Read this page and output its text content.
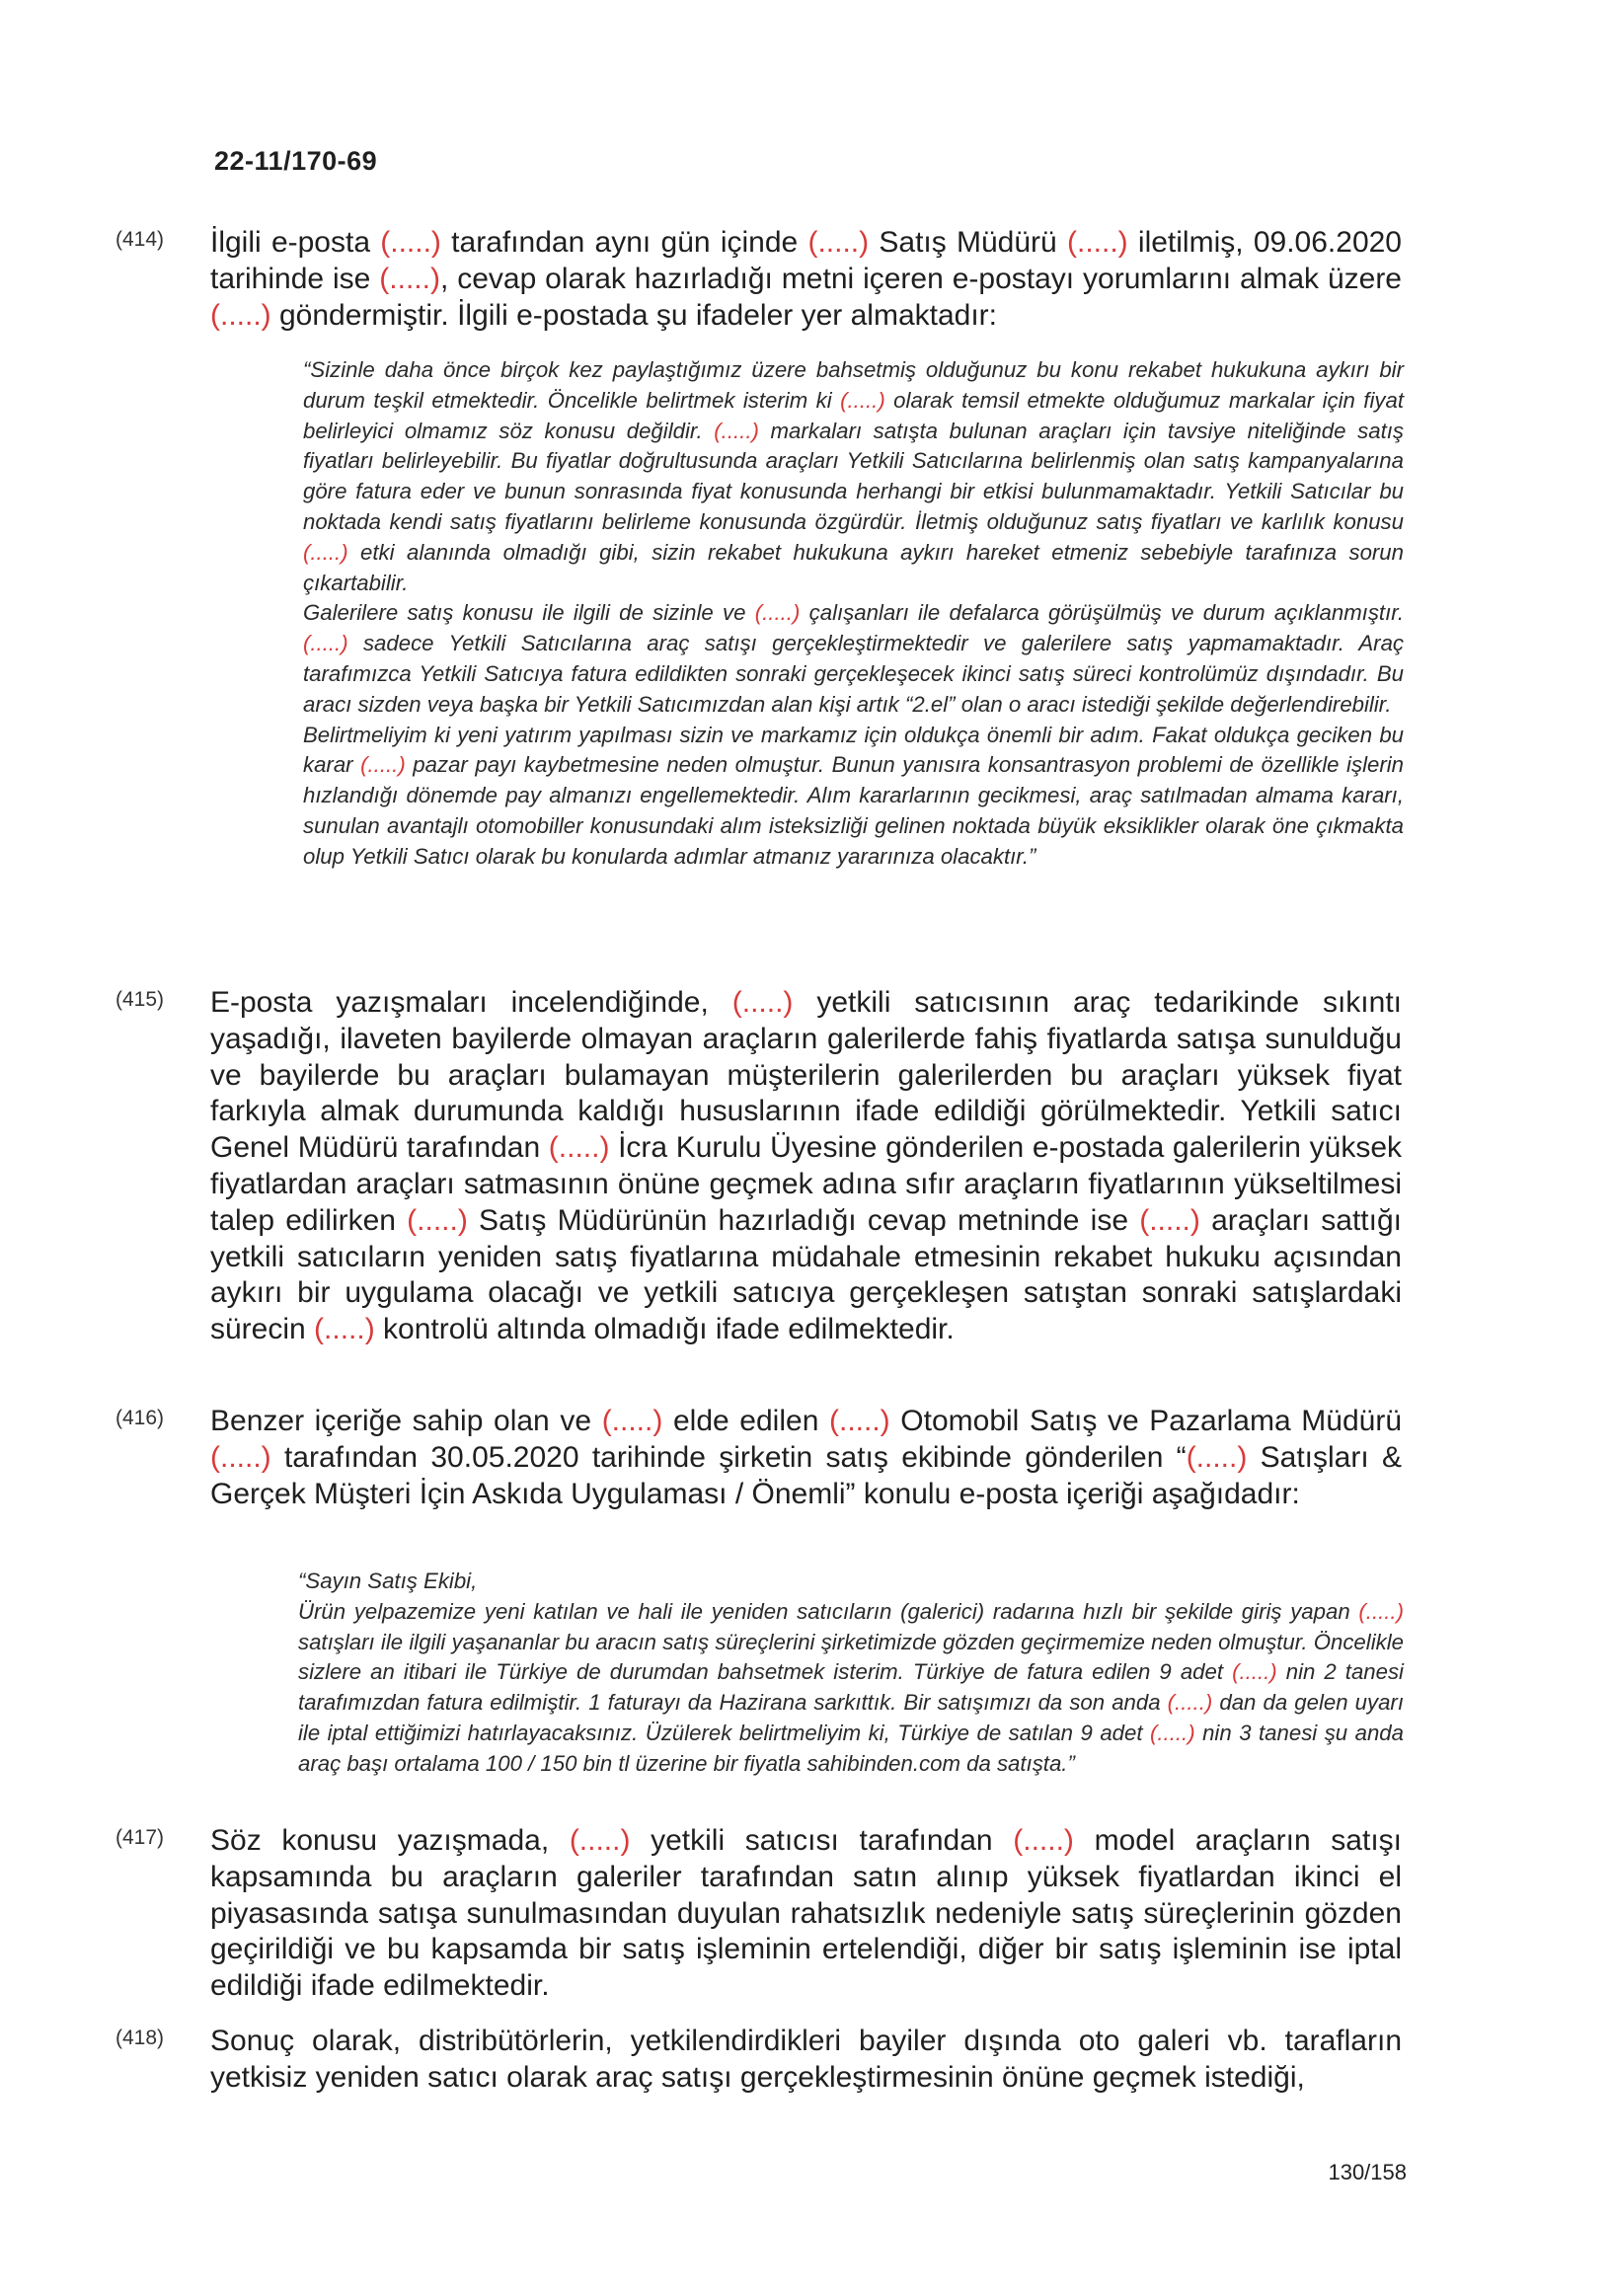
22-11/170-69
(414)	İlgili e-posta (.....) tarafından aynı gün içinde (.....) Satış Müdürü (.....) iletilmiş, 09.06.2020 tarihinde ise (.....), cevap olarak hazırladığı metni içeren e-postayı yorumlarını almak üzere (.....) göndermiştir. İlgili e-postada şu ifadeler yer almaktadır:

“Sizinle daha önce birçok kez paylaştığımız üzere bahsetmiş olduğunuz bu konu rekabet hukukuna aykırı bir durum teşkil etmektedir. Öncelikle belirtmek isterim ki (.....) olarak temsil etmekte olduğumuz markalar için fiyat belirleyici olmamız söz konusu değildir. (.....) markaları satışta bulunan araçları için tavsiye niteliğinde satış fiyatları belirleyebilir. Bu fiyatlar doğrultusunda araçları Yetkili Satıcılarına belirlenmiş olan satış kampanyalarına göre fatura eder ve bunun sonrasında fiyat konusunda herhangi bir etkisi bulunmamaktadır. Yetkili Satıcılar bu noktada kendi satış fiyatlarını belirleme konusunda özgürdür. İletmiş olduğunuz satış fiyatları ve karlılık konusu (.....) etki alanında olmadığı gibi, sizin rekabet hukukuna aykırı hareket etmeniz sebebiyle tarafınıza sorun çıkartabilir.

Galerilere satış konusu ile ilgili de sizinle ve (.....) çalışanları ile defalarca görüşülmüş ve durum açıklanmıştır. (.....) sadece Yetkili Satıcılarına araç satışı gerçekleştirmektedir ve galerilere satış yapmamaktadır. Araç tarafımızca Yetkili Satıcıya fatura edildikten sonraki gerçekleşecek ikinci satış süreci kontrolümüz dışındadır. Bu aracı sizden veya başka bir Yetkili Satıcımızdan alan kişi artık “2.el” olan o aracı istediği şekilde değerlendirebilir.

Belirtmeliyim ki yeni yatırım yapılması sizin ve markamız için oldukça önemli bir adım. Fakat oldukça geciken bu karar (.....) pazar payı kaybetmesine neden olmuştur. Bunun yanısıra konsantrasyon problemi de özellikle işlerin hızlandığı dönemde pay almanızı engellemektedir. Alım kararlarının gecikmesi, araç satılmadan almama kararı, sunulan avantajlı otomobiller konusundaki alım isteksizliği gelinen noktada büyük eksiklikler olarak öne çıkmakta olup Yetkili Satıcı olarak bu konularda adımlar atmanız yararınıza olacaktır.”

(415)	E-posta yazışmaları incelendiğinde, (.....) yetkili satıcısının araç tedarikinde sıkıntı yaşadığı, ilaveten bayilerde olmayan araçların galerilerde fahiş fiyatlarda satışa sunulduğu ve bayilerde bu araçları bulamayan müşterilerin galerilerden bu araçları yüksek fiyat farkıyla almak durumunda kaldığı hususlarının ifade edildiği görülmektedir. Yetkili satıcı Genel Müdürü tarafından (.....) İcra Kurulu Üyesine gönderilen e-postada galerilerin yüksek fiyatlardan araçları satmasının önüne geçmek adına sıfır araçların fiyatlarının yükseltilmesi talep edilirken (.....) Satış Müdürünün hazırladığı cevap metninde ise (.....) araçları sattığı yetkili satıcıların yeniden satış fiyatlarına müdahale etmesinin rekabet hukuku açısından aykırı bir uygulama olacağı ve yetkili satıcıya gerçekleşen satıştan sonraki satışlardaki sürecin (.....) kontrolü altında olmadığı ifade edilmektedir.
(416)	Benzer içeriğe sahip olan ve (.....) elde edilen (.....) Otomobil Satış ve Pazarlama Müdürü (.....) tarafından 30.05.2020 tarihinde şirketin satış ekibinde gönderilen “(.....) Satışları & Gerçek Müşteri İçin Askıda Uygulaması / Önemli” konulu e-posta içeriği aşağıdadır:

“Sayın Satış Ekibi,

Ürün yelpazemize yeni katılan ve hali ile yeniden satıcıların (galerici) radarına hızlı bir şekilde giriş yapan (.....) satışları ile ilgili yaşananlar bu aracın satış süreçlerini şirketimizde gözden geçirmemize neden olmuştur. Öncelikle sizlere an itibari ile Türkiye de durumdan bahsetmek isterim. Türkiye de fatura edilen 9 adet (.....) nin 2 tanesi tarafımızdan fatura edilmiştir. 1 faturayı da Hazirana sarkıttık. Bir satışımızı da son anda (.....) dan da gelen uyarı ile iptal ettiğimizi hatırlayacaksınız. Üzülerek belirtmeliyim ki, Türkiye de satılan 9 adet (.....) nin 3 tanesi şu anda araç başı ortalama 100 / 150 bin tl üzerine bir fiyatla sahibinden.com da satışta.”

(417)	Söz konusu yazışmada, (.....) yetkili satıcısı tarafından (.....) model araçların satışı kapsamında bu araçların galeriler tarafından satın alınıp yüksek fiyatlardan ikinci el piyasasında satışa sunulmasından duyulan rahatsızlık nedeniyle satış süreçlerinin gözden geçirildiği ve bu kapsamda bir satış işleminin ertelendiği, diğer bir satış işleminin ise iptal edildiği ifade edilmektedir.
(418)	Sonuç olarak, distribütörlerin, yetkilendirdikleri bayiler dışında oto galeri vb. tarafların yetkisiz yeniden satıcı olarak araç satışı gerçekleştirmesinin önüne geçmek istediği,
130/158
